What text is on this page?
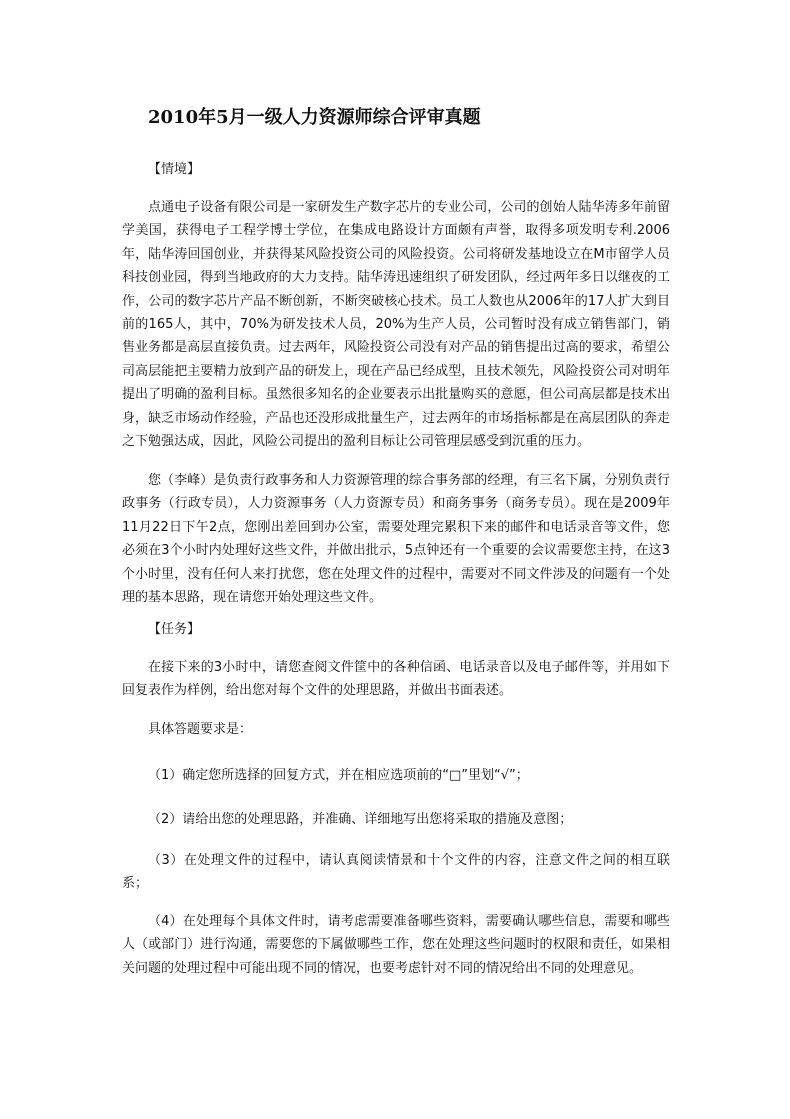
2010年5月一级人力资源师综合评审真题
【情境】
点通电子设备有限公司是一家研发生产数字芯片的专业公司，公司的创始人陆华涛多年前留学美国，获得电子工程学博士学位，在集成电路设计方面颇有声誉，取得多项发明专利.2006年，陆华涛回国创业，并获得某风险投资公司的风险投资。公司将研发基地设立在M市留学人员科技创业园，得到当地政府的大力支持。陆华涛迅速组织了研发团队，经过两年多日以继夜的工作，公司的数字芯片产品不断创新，不断突破核心技术。员工人数也从2006年的17人扩大到目前的165人，其中，70%为研发技术人员，20%为生产人员，公司暂时没有成立销售部门，销售业务都是高层直接负责。过去两年，风险投资公司没有对产品的销售提出过高的要求，希望公司高层能把主要精力放到产品的研发上，现在产品已经成型，且技术领先，风险投资公司对明年提出了明确的盈利目标。虽然很多知名的企业要表示出批量购买的意愿，但公司高层都是技术出身，缺乏市场动作经验，产品也还没形成批量生产，过去两年的市场指标都是在高层团队的奔走之下勉强达成，因此，风险公司提出的盈利目标让公司管理层感受到沉重的压力。
您（李峰）是负责行政事务和人力资源管理的综合事务部的经理，有三名下属，分别负责行政事务（行政专员），人力资源事务（人力资源专员）和商务事务（商务专员）。现在是2009年11月22日下午2点，您刚出差回到办公室，需要处理完累积下来的邮件和电话录音等文件，您必须在3个小时内处理好这些文件，并做出批示，5点钟还有一个重要的会议需要您主持，在这3个小时里，没有任何人来打扰您，您在处理文件的过程中，需要对不同文件涉及的问题有一个处理的基本思路，现在请您开始处理这些文件。
【任务】
在接下来的3小时中，请您查阅文件筐中的各种信函、电话录音以及电子邮件等，并用如下回复表作为样例，给出您对每个文件的处理思路，并做出书面表述。
具体答题要求是：
（1）确定您所选择的回复方式，并在相应选项前的“□”里划“√”；
（2）请给出您的处理思路，并准确、详细地写出您将采取的措施及意图；
（3）在处理文件的过程中，请认真阅读情景和十个文件的内容，注意文件之间的相互联系；
（4）在处理每个具体文件时，请考虑需要准备哪些资料，需要确认哪些信息，需要和哪些人（或部门）进行沟通，需要您的下属做哪些工作，您在处理这些问题时的权限和责任，如果相关问题的处理过程中可能出现不同的情况，也要考虑针对不同的情况给出不同的处理意见。
